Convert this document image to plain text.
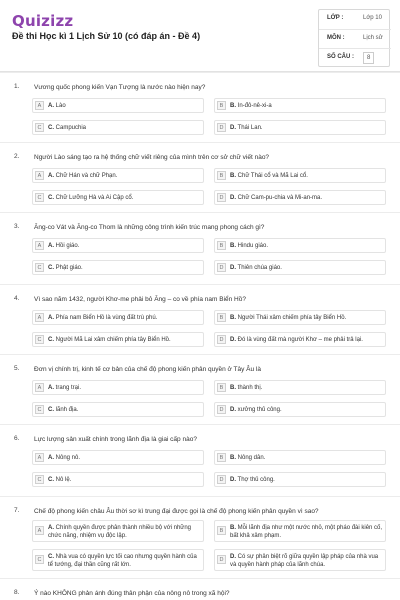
Quizizz
Đề thi Học kì 1 Lịch Sử 10 (có đáp án - Đề 4)
LỚP :	Lớp 10
MÔN :	Lịch sử
SỐ CÂU :	8
1. Vương quốc phong kiến Vạn Tượng là nước nào hiện nay?
A	A. Lào	B	B. In-đô-nê-xi-a
C	C. Campuchia	D	D. Thái Lan.
2. Người Lào sáng tạo ra hệ thống chữ viết riêng của mình trên cơ sở chữ viết nào?
A	A. Chữ Hán và chữ Phạn.	B	B. Chữ Thái cổ và Mã Lai cổ.
C	C. Chữ Lưỡng Hà và Ai Cập cổ.	D	D. Chữ Cam-pu-chia và Mi-an-ma.
3. Ăng-co Vát và Ăng-co Thom là những công trình kiến trúc mang phong cách gì?
A	A. Hồi giáo.	B	B. Hindu giáo.
C	C. Phật giáo.	D	D. Thiên chúa giáo.
4. Vì sao năm 1432, người Khơ-me phải bỏ Ăng – co về phía nam Biển Hồ?
A	A. Phía nam Biển Hồ là vùng đất trù phú.	B	B. Người Thái xâm chiếm phía tây Biển Hồ.
C	C. Người Mã Lai xâm chiếm phía tây Biển Hồ.	D	D. Đó là vùng đất mà người Khơ – me phải trả lại.
5. Đơn vị chính trị, kinh tế cơ bản của chế độ phong kiến phân quyền ở Tây Âu là
A	A. trang trại.	B	B. thành thị.
C	C. lãnh địa.	D	D. xưởng thủ công.
6. Lực lượng sản xuất chính trong lãnh địa là giai cấp nào?
A	A. Nông nô.	B	B. Nông dân.
C	C. Nô lệ.	D	D. Thợ thủ công.
7. Chế độ phong kiến châu Âu thời sơ kì trung đại được gọi là chế độ phong kiến phân quyền vì sao?
A	A. Chính quyền được phân thành nhiều bộ với những chức năng, nhiệm vụ độc lập.
B	B. Mỗi lãnh địa như một nước nhỏ, một pháo đài kiên cố, bất khả xâm phạm.
C	C. Nhà vua có quyền lực tối cao nhưng quyền hành của tể tướng, đại thần cũng rất lớn.
D	D. Có sự phân biệt rõ giữa quyền lập pháp của nhà vua và quyền hành pháp của lãnh chúa.
8. Ý nào KHÔNG phản ánh đúng thân phận của nông nô trong xã hội?
